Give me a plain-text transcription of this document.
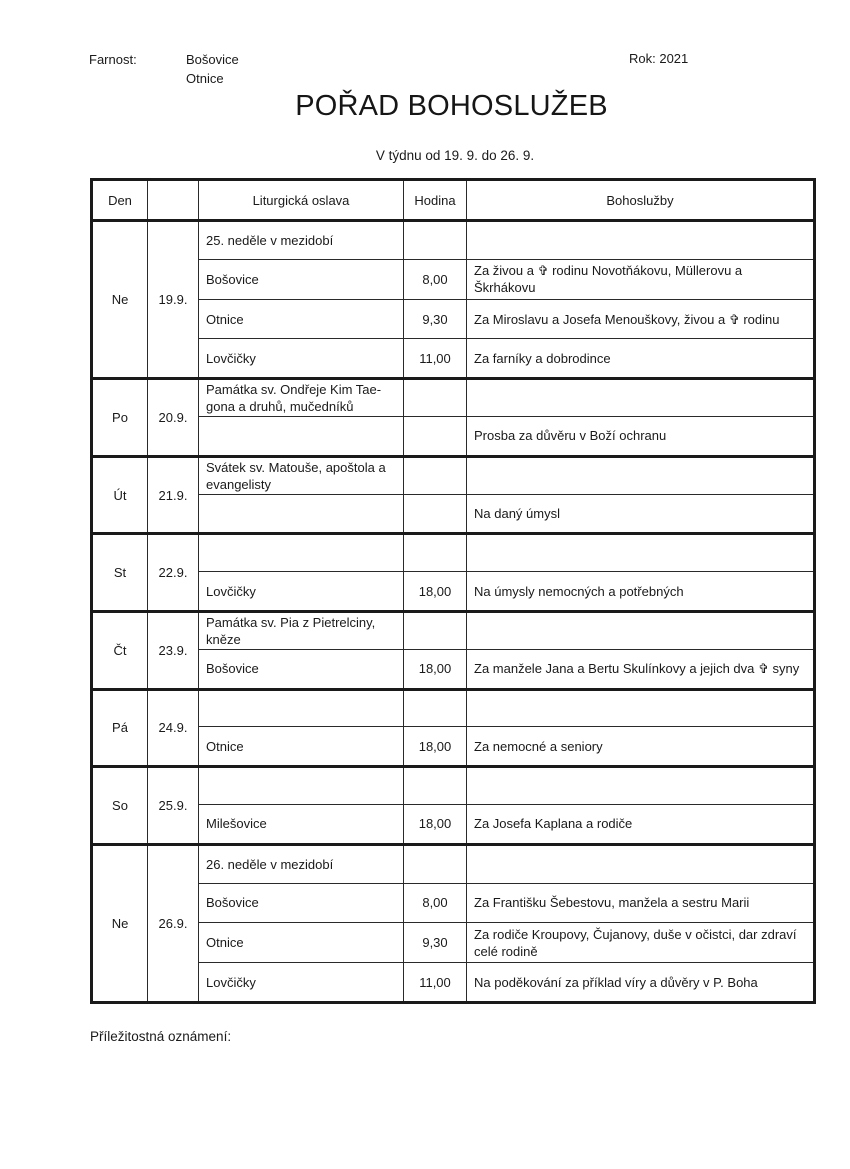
Farnost:	Bošovice
Otnice
Rok: 2021
POŘAD BOHOSLUŽEB
V týdnu od 19. 9. do 26. 9.
Den		Liturgická oslava	Hodina	Bohoslužby
Ne	19.9.	25. neděle v mezidobí		
		Bošovice	8,00	Za živou a ✞ rodinu Novotňákovu, Müllerovu a Škrhákovu
		Otnice	9,30	Za Miroslavu a Josefa Menouškovy, živou a ✞ rodinu
		Lovčičky	11,00	Za farníky a dobrodince
Po	20.9.	Památka sv. Ondřeje Kim Tae-gona a druhů, mučedníků		
				Prosba za důvěru v Boží ochranu
Út	21.9.	Svátek sv. Matouše, apoštola a evangelisty		
				Na daný úmysl
St	22.9.			
		Lovčičky	18,00	Na úmysly nemocných a potřebných
Čt	23.9.	Památka sv. Pia z Pietrelciny, kněze		
		Bošovice	18,00	Za manžele Jana a Bertu Skulínkovy a jejich dva ✞ syny
Pá	24.9.			
		Otnice	18,00	Za nemocné a seniory
So	25.9.			
		Milešovice	18,00	Za Josefa Kaplana a rodiče
Ne	26.9.	26. neděle v mezidobí		
		Bošovice	8,00	Za Františku Šebestovu, manžela a sestru Marii
		Otnice	9,30	Za rodiče Kroupovy, Čujanovy, duše v očistci, dar zdraví celé rodině
		Lovčičky	11,00	Na poděkování za příklad víry a důvěry v P. Boha
Příležitostná oznámení:
